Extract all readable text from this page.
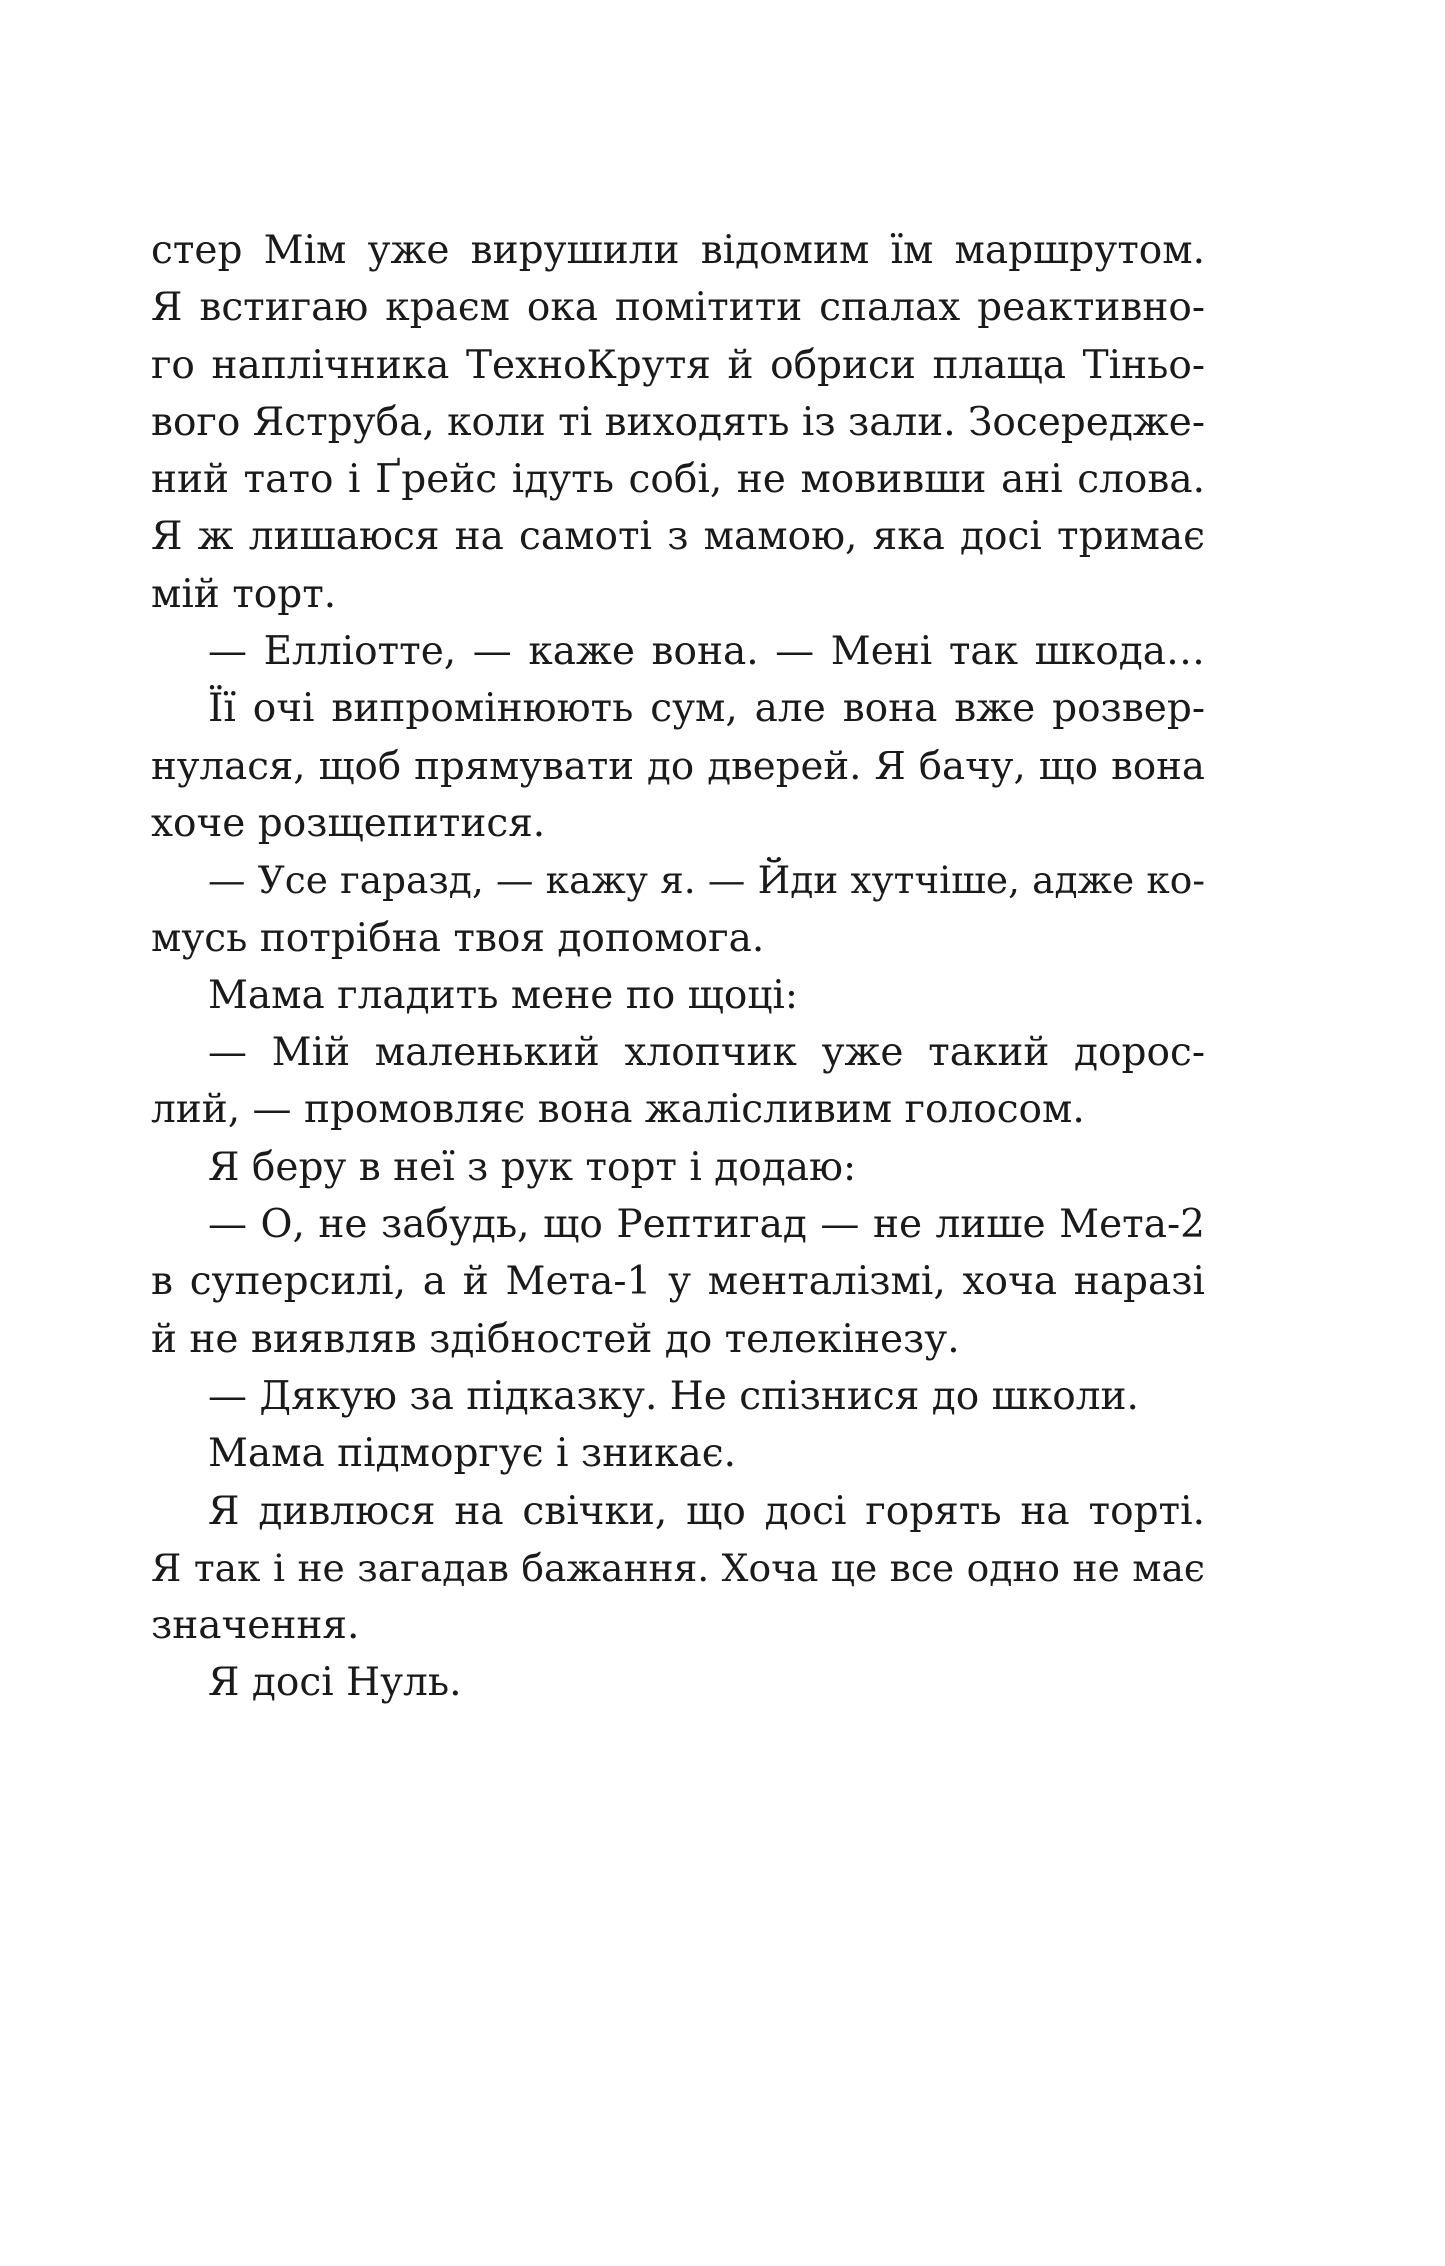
стер Мім уже вирушили відомим їм маршрутом.
Я встигаю краєм ока помітити спалах реактивно-
го наплічника ТехноКрутя й обриси плаща Тіньо-
вого Яструба, коли ті виходять із зали. Зосередже-
ний тато і Ґрейс ідуть собі, не мовивши ані слова.
Я ж лишаюся на самоті з мамою, яка досі тримає
мій торт.
— Еллiотте, — каже вона. — Мені так шкода…
Її очі випромінюють сум, але вона вже розвер-
нулася, щоб прямувати до дверей. Я бачу, що вона
хоче розщепитися.
— Усе гаразд, — кажу я. — Йди хутчіше, адже ко-
мусь потрібна твоя допомога.
Мама гладить мене по щоці:
— Мій маленький хлопчик уже такий дорос-
лий, — промовляє вона жалісливим голосом.
Я беру в неї з рук торт і додаю:
— О, не забудь, що Рептигад — не лише Мета-2
в суперсилі, а й Мета-1 у менталізмі, хоча наразі
й не виявляв здібностей до телекінезу.
— Дякую за підказку. Не спізнися до школи.
Мама підморгує і зникає.
Я дивлюся на свічки, що досі горять на торті.
Я так і не загадав бажання. Хоча це все одно не має
значення.
Я досі Нуль.
